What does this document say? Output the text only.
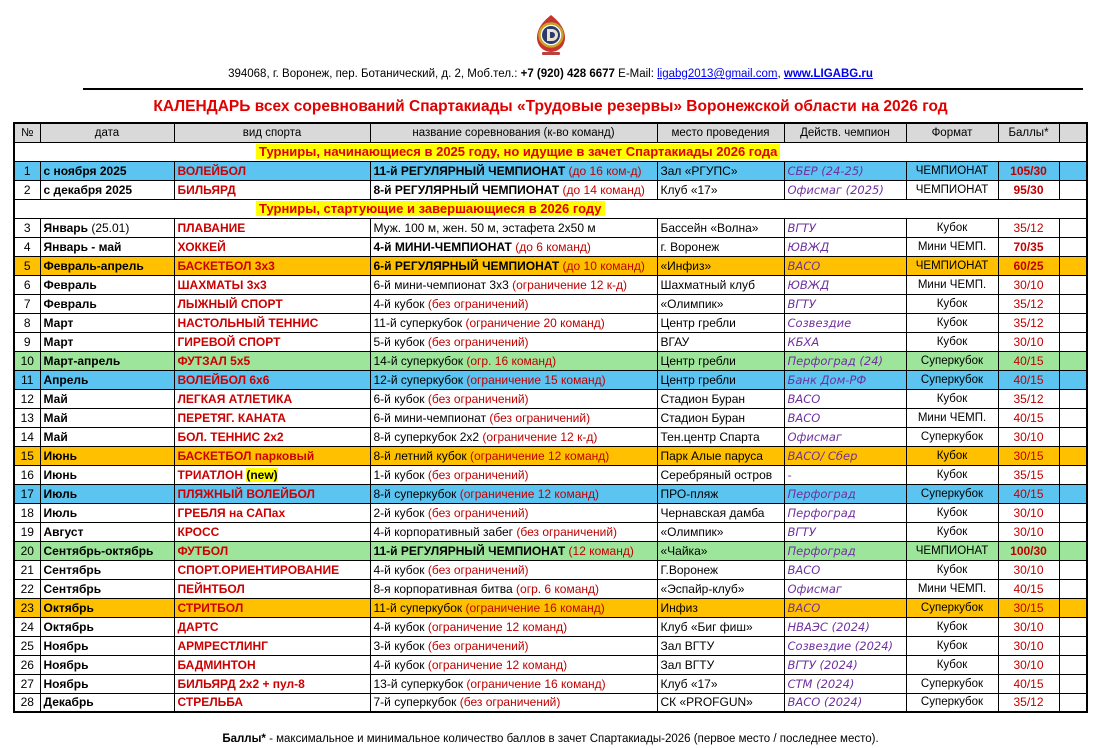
394068, г. Воронеж, пер. Ботанический, д. 2, Моб.тел.: +7 (920) 428 6677 E-Mail: ligabg2013@gmail.com, www.LIGABG.ru
КАЛЕНДАРЬ всех соревнований Спартакиады «Трудовые резервы» Воронежской области на 2026 год
№	дата	вид спорта	название соревнования (к-во команд)	место проведения	Действ. чемпион	Формат	Баллы*	
Турниры, начинающиеся в 2025 году, но идущие в зачет Спартакиады 2026 года								
1	с ноября 2025	ВОЛЕЙБОЛ	11-й РЕГУЛЯРНЫЙ ЧЕМПИОНАТ (до 16 ком-д)	Зал «РГУПС»	СБЕР (24-25)	ЧЕМПИОНАТ	105/30	
2	с декабря 2025	БИЛЬЯРД	8-й РЕГУЛЯРНЫЙ ЧЕМПИОНАТ (до 14 команд)	Клуб «17»	Офисмаг (2025)	ЧЕМПИОНАТ	95/30	
Турниры, стартующие и завершающиеся в 2026 году								
3	Январь (25.01)	ПЛАВАНИЕ	Муж. 100 м, жен. 50 м, эстафета 2х50 м	Бассейн «Волна»	ВГТУ	Кубок	35/12	
4	Январь - май	ХОККЕЙ	4-й МИНИ-ЧЕМПИОНАТ (до 6 команд)	г. Воронеж	ЮВЖД	Мини ЧЕМП.	70/35	
5	Февраль-апрель	БАСКЕТБОЛ 3х3	6-й РЕГУЛЯРНЫЙ ЧЕМПИОНАТ (до 10 команд)	«Инфиз»	ВАСО	ЧЕМПИОНАТ	60/25	
6	Февраль	ШАХМАТЫ 3х3	6-й мини-чемпионат 3х3 (ограничение 12 к-д)	Шахматный клуб	ЮВЖД	Мини ЧЕМП.	30/10	
7	Февраль	ЛЫЖНЫЙ СПОРТ	4-й кубок (без ограничений)	«Олимпик»	ВГТУ	Кубок	35/12	
8	Март	НАСТОЛЬНЫЙ ТЕННИС	11-й суперкубок (ограничение 20 команд)	Центр гребли	Созвездие	Кубок	35/12	
9	Март	ГИРЕВОЙ СПОРТ	5-й кубок (без ограничений)	ВГАУ	КБХА	Кубок	30/10	
10	Март-апрель	ФУТЗАЛ 5х5	14-й суперкубок (огр. 16 команд)	Центр гребли	Перфоград (24)	Суперкубок	40/15	
11	Апрель	ВОЛЕЙБОЛ 6х6	12-й суперкубок (ограничение 15 команд)	Центр гребли	Банк Дом-РФ	Суперкубок	40/15	
12	Май	ЛЕГКАЯ АТЛЕТИКА	6-й кубок (без ограничений)	Стадион Буран	ВАСО	Кубок	35/12	
13	Май	ПЕРЕТЯГ. КАНАТА	6-й мини-чемпионат (без ограничений)	Стадион Буран	ВАСО	Мини ЧЕМП.	40/15	
14	Май	БОЛ. ТЕННИС 2х2	8-й суперкубок 2х2 (ограничение 12 к-д)	Тен.центр Спарта	Офисмаг	Суперкубок	30/10	
15	Июнь	БАСКЕТБОЛ парковый	8-й летний кубок (ограничение 12 команд)	Парк Алые паруса	ВАСО/ Сбер	Кубок	30/15	
16	Июнь	ТРИАТЛОН (new)	1-й кубок (без ограничений)	Серебряный остров	-	Кубок	35/15	
17	Июль	ПЛЯЖНЫЙ ВОЛЕЙБОЛ	8-й суперкубок (ограничение 12 команд)	ПРО-пляж	Перфоград	Суперкубок	40/15	
18	Июль	ГРЕБЛЯ на САПах	2-й кубок (без ограничений)	Чернавская дамба	Перфоград	Кубок	30/10	
19	Август	КРОСС	4-й корпоративный забег (без ограничений)	«Олимпик»	ВГТУ	Кубок	30/10	
20	Сентябрь-октябрь	ФУТБОЛ	11-й РЕГУЛЯРНЫЙ ЧЕМПИОНАТ (12 команд)	«Чайка»	Перфоград	ЧЕМПИОНАТ	100/30	
21	Сентябрь	СПОРТ.ОРИЕНТИРОВАНИЕ	4-й кубок (без ограничений)	Г.Воронеж	ВАСО	Кубок	30/10	
22	Сентябрь	ПЕЙНТБОЛ	8-я корпоративная битва (огр. 6 команд)	«Эспайр-клуб»	Офисмаг	Мини ЧЕМП.	40/15	
23	Октябрь	СТРИТБОЛ	11-й суперкубок (ограничение 16 команд)	Инфиз	ВАСО	Суперкубок	30/15	
24	Октябрь	ДАРТС	4-й кубок (ограничение 12 команд)	Клуб «Биг фиш»	НВАЭС (2024)	Кубок	30/10	
25	Ноябрь	АРМРЕСТЛИНГ	3-й кубок (без ограничений)	Зал ВГТУ	Созвездие (2024)	Кубок	30/10	
26	Ноябрь	БАДМИНТОН	4-й кубок (ограничение 12 команд)	Зал ВГТУ	ВГТУ (2024)	Кубок	30/10	
27	Ноябрь	БИЛЬЯРД 2х2 + пул-8	13-й суперкубок (ограничение 16 команд)	Клуб «17»	СТМ (2024)	Суперкубок	40/15	
28	Декабрь	СТРЕЛЬБА	7-й суперкубок (без ограничений)	СК «PROFGUN»	ВАСО (2024)	Суперкубок	35/12	
Баллы* - максимальное и минимальное количество баллов в зачет Спартакиады-2026 (первое место / последнее место).
